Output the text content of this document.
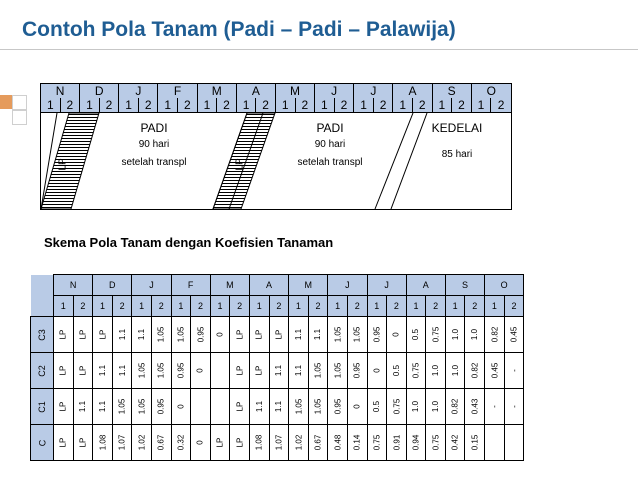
Contoh Pola Tanam (Padi – Padi – Palawija)
N	D	J	F	M	A	M	J	J	A	S	O
1	2	1	2	1	2	1	2	1	2	1	2	1	2	1	2	1	2	1	2	1	2	1	2
LP	LP
PADI
90 hari
setelah transpl
PADI
90 hari
setelah transpl
KEDELAI
85 hari
Skema Pola Tanam dengan Koefisien Tanaman
	N		D		J		F		M		A		M		J		J		A		S		O	
	1	2	1	2	1	2	1	2	1	2	1	2	1	2	1	2	1	2	1	2	1	2	1	2
C3	LP	LP	LP	1.1	1.1	1.05	1.05	0.95	0	LP	LP	LP	1.1	1.1	1.05	1.05	0.95	0	0.5	0.75	1.0	1.0	0.82	0.45
C2	LP	LP	1.1	1.1	1.05	1.05	0.95	0		LP	LP	1.1	1.1	1.05	1.05	0.95	0	0.5	0.75	1.0	1.0	0.82	0.45	-
C1	LP	1.1	1.1	1.05	1.05	0.95	0			LP	1.1	1.1	1.05	1.05	0.95	0	0.5	0.75	1.0	1.0	0.82	0.43	-	-
C	LP	LP	1.08	1.07	1.02	0.67	0.32	0	LP	LP	1.08	1.07	1.02	0.67	0.48	0.14	0.75	0.91	0.94	0.75	0.42	0.15		
